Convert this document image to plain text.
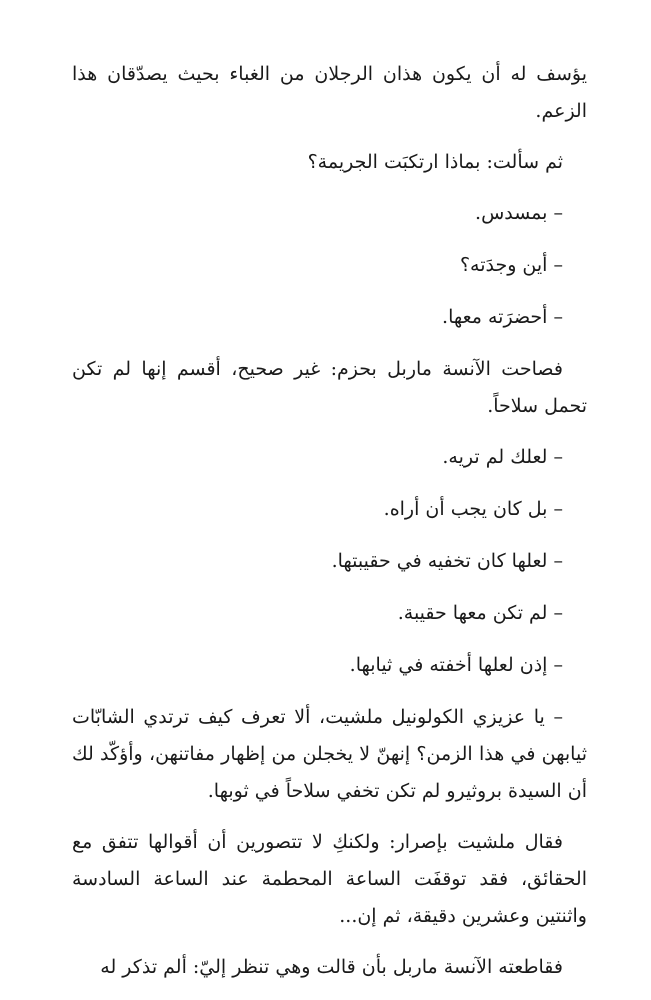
يؤسف له أن يكون هذان الرجلان من الغباء بحيث يصدّقان هذا الزعم.

ثم سألت: بماذا ارتكبَت الجريمة؟

– بمسدس.

– أين وجدَته؟

– أحضرَته معها.

فصاحت الآنسة ماربل بحزم: غير صحيح، أقسم إنها لم تكن تحمل سلاحاً.

– لعلك لم تريه.

– بل كان يجب أن أراه.

– لعلها كان تخفيه في حقيبتها.

– لم تكن معها حقيبة.

– إذن لعلها أخفته في ثيابها.

– يا عزيزي الكولونيل ملشيت، ألا تعرف كيف ترتدي الشابّات ثيابهن في هذا الزمن؟ إنهنّ لا يخجلن من إظهار مفاتنهن، وأؤكّد لك أن السيدة بروثيرو لم تكن تخفي سلاحاً في ثوبها.

فقال ملشيت بإصرار: ولكنكِ لا تتصورين أن أقوالها تتفق مع الحقائق، فقد توقفَت الساعة المحطمة عند الساعة السادسة واثنتين وعشرين دقيقة، ثم إن...

فقاطعته الآنسة ماربل بأن قالت وهي تنظر إليّ: ألم تذكر له
